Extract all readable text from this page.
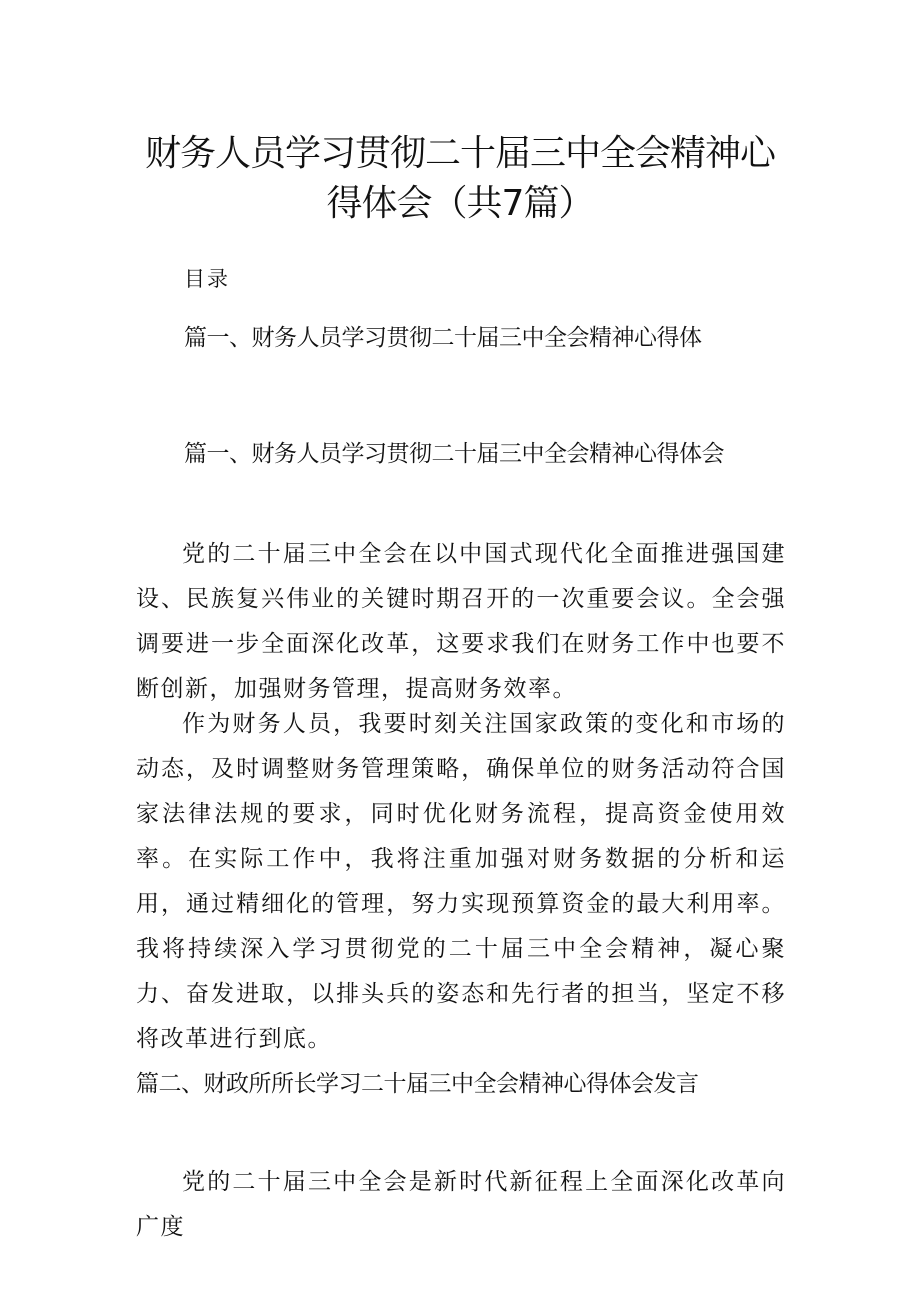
财务人员学习贯彻二十届三中全会精神心
得体会（共7篇）
目录
篇一、财务人员学习贯彻二十届三中全会精神心得体
篇一、财务人员学习贯彻二十届三中全会精神心得体会

党的二十届三中全会在以中国式现代化全面推进强国建设、民族复兴伟业的关键时期召开的一次重要会议。全会强调要进一步全面深化改革，这要求我们在财务工作中也要不断创新，加强财务管理，提高财务效率。

作为财务人员，我要时刻关注国家政策的变化和市场的动态，及时调整财务管理策略，确保单位的财务活动符合国家法律法规的要求，同时优化财务流程，提高资金使用效率。在实际工作中，我将注重加强对财务数据的分析和运用，通过精细化的管理，努力实现预算资金的最大利用率。我将持续深入学习贯彻党的二十届三中全会精神，凝心聚力、奋发进取，以排头兵的姿态和先行者的担当，坚定不移将改革进行到底。

篇二、财政所所长学习二十届三中全会精神心得体会发言

党的二十届三中全会是新时代新征程上全面深化改革向广度
